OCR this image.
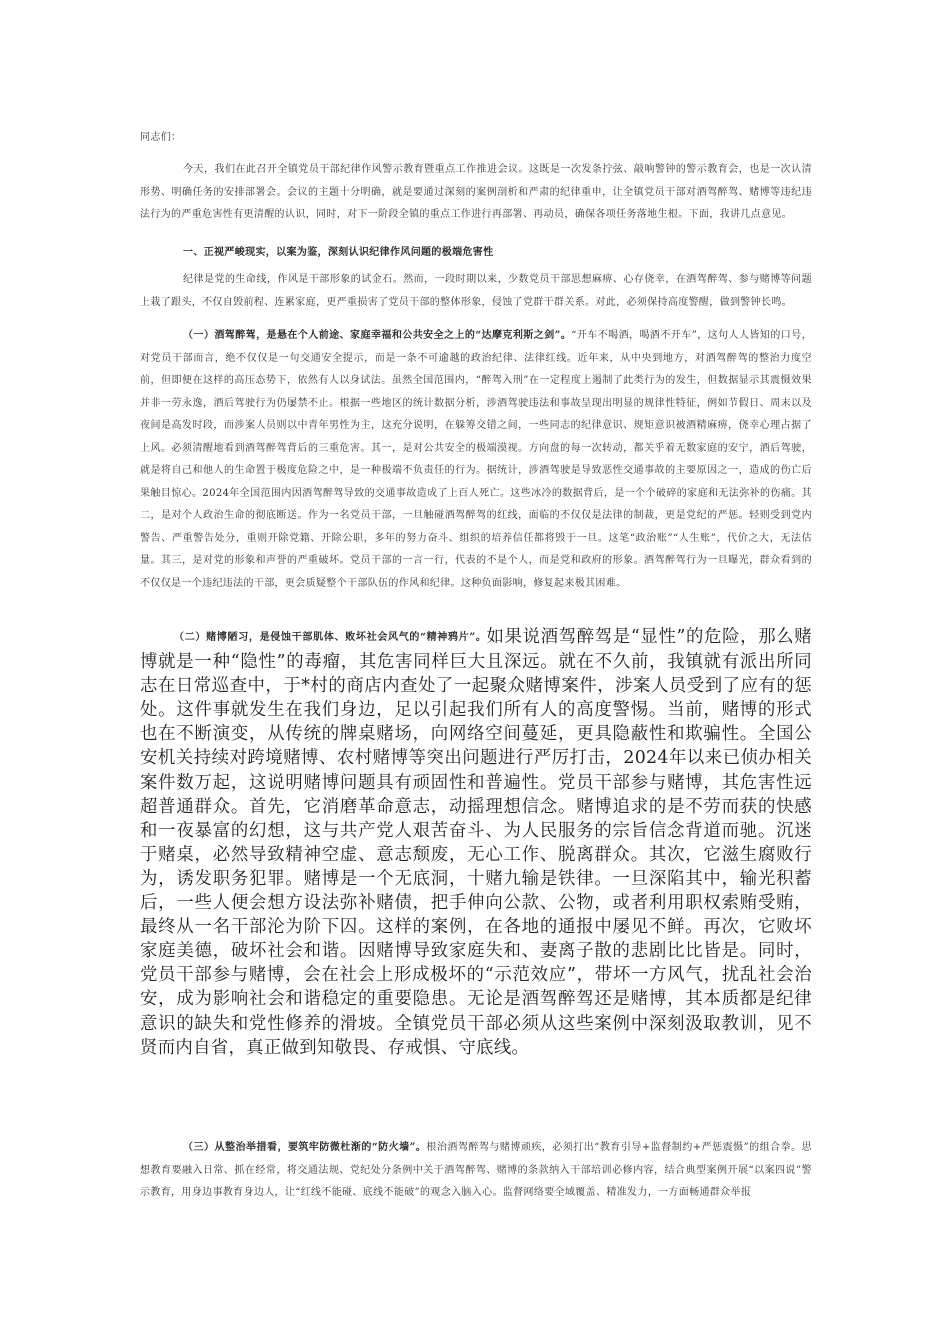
同志们：

今天，我们在此召开全镇党员干部纪律作风警示教育暨重点工作推进会议。这既是一次发条拧弦、敲响警钟的警示教育会，也是一次认清形势、明确任务的安排部署会。会议的主题十分明确，就是要通过深刻的案例剖析和严肃的纪律重申，让全镇党员干部对酒驾醉驾、赌博等违纪违法行为的严重危害性有更清醒的认识，同时，对下一阶段全镇的重点工作进行再部署、再动员，确保各项任务落地生根。下面，我讲几点意见。

一、正视严峻现实，以案为鉴，深刻认识纪律作风问题的极端危害性

纪律是党的生命线，作风是干部形象的试金石。然而，一段时期以来，少数党员干部思想麻痹、心存侥幸，在酒驾醉驾、参与赌博等问题上栽了跟头，不仅自毁前程、连累家庭，更严重损害了党员干部的整体形象，侵蚀了党群干群关系。对此，必须保持高度警醒，做到警钟长鸣。

（一）酒驾醉驾，是悬在个人前途、家庭幸福和公共安全之上的“达摩克利斯之剑”。“开车不喝酒，喝酒不开车”，这句人人皆知的口号，对党员干部而言，绝不仅仅是一句交通安全提示，而是一条不可逾越的政治纪律、法律红线。近年来，从中央到地方，对酒驾醉驾的整治力度空前，但即便在这样的高压态势下，依然有人以身试法。虽然全国范围内，“醉驾入刑”在一定程度上遏制了此类行为的发生，但数据显示其震慑效果并非一劳永逸，酒后驾驶行为仍屡禁不止。根据一些地区的统计数据分析，涉酒驾驶违法和事故呈现出明显的规律性特征，例如节假日、周末以及夜间是高发时段，而涉案人员则以中青年男性为主，这充分说明，在躲筹交错之间，一些同志的纪律意识、规矩意识被酒精麻痹，侥幸心理占据了上风。必须清醒地看到酒驾醉驾背后的三重危害。其一，是对公共安全的极端漠视。方向盘的每一次转动，都关乎着无数家庭的安宁，酒后驾驶，就是将自己和他人的生命置于极度危险之中，是一种极端不负责任的行为。据统计，涉酒驾驶是导致恶性交通事故的主要原因之一，造成的伤亡后果触目惊心。2024年全国范围内因酒驾醉驾导致的交通事故造成了上百人死亡。这些冰冷的数据背后，是一个个破碎的家庭和无法弥补的伤痛。其二，是对个人政治生命的彻底断送。作为一名党员干部，一旦触碰酒驾醉驾的红线，面临的不仅仅是法律的制裁，更是党纪的严惩。轻则受到党内警告、严重警告处分，重则开除党籍、开除公职，多年的努力奋斗、组织的培养信任都将毁于一旦。这笔“政治账”“人生账”，代价之大，无法估量。其三，是对党的形象和声誉的严重破坏。党员干部的一言一行，代表的不是个人，而是党和政府的形象。酒驾醉驾行为一旦曝光，群众看到的不仅仅是一个违纪违法的干部，更会质疑整个干部队伍的作风和纪律。这种负面影响，修复起来极其困难。

（二）赌博陋习，是侵蚀干部肌体、败坏社会风气的“精神鸦片”。如果说酒驾醉驾是“显性”的危险，那么赌博就是一种“隐性”的毒瘤，其危害同样巨大且深远。就在不久前，我镇就有派出所同志在日常巡查中，于*村的商店内查处了一起聚众赌博案件，涉案人员受到了应有的惩处。这件事就发生在我们身边，足以引起我们所有人的高度警惕。当前，赌博的形式也在不断演变，从传统的牌桌赌场，向网络空间蔓延，更具隐蔽性和欺骗性。全国公安机关持续对跨境赌博、农村赌博等突出问题进行严厉打击，2024年以来已侦办相关案件数万起，这说明赌博问题具有顽固性和普遍性。党员干部参与赌博，其危害性远超普通群众。首先，它消磨革命意志，动摇理想信念。赌博追求的是不劳而获的快感和一夜暴富的幻想，这与共产党人艰苦奋斗、为人民服务的宗旨信念背道而驰。沉迷于赌桌，必然导致精神空虚、意志颓废，无心工作、脱离群众。其次，它滋生腐败行为，诱发职务犯罪。赌博是一个无底洞，十赌九输是铁律。一旦深陷其中，输光积蓄后，一些人便会想方设法弥补赌债，把手伸向公款、公物，或者利用职权索贿受贿，最终从一名干部沦为阶下囚。这样的案例，在各地的通报中屡见不鲜。再次，它败坏家庭美德，破坏社会和谐。因赌博导致家庭失和、妻离子散的悲剧比比皆是。同时，党员干部参与赌博，会在社会上形成极坏的“示范效应”，带坏一方风气，扰乱社会治安，成为影响社会和谐稳定的重要隐患。无论是酒驾醉驾还是赌博，其本质都是纪律意识的缺失和党性修养的滑坡。全镇党员干部必须从这些案例中深刻汲取教训，见不贤而内自省，真正做到知敬畏、存戒惧、守底线。

（三）从整治举措看，要筑牢防微杜渐的“防火墙”。根治酒驾醉驾与赌博顽疾，必须打出“教育引导+监督制约+严惩震慑”的组合拳。思想教育要融入日常、抓在经常，将交通法规、党纪处分条例中关于酒驾醉驾、赌博的条款纳入干部培训必修内容，结合典型案例开展“以案四说”警示教育，用身边事教育身边人，让“红线不能碰、底线不能破”的观念入脑入心。监督网络要全域覆盖、精准发力，一方面畅通群众举报
